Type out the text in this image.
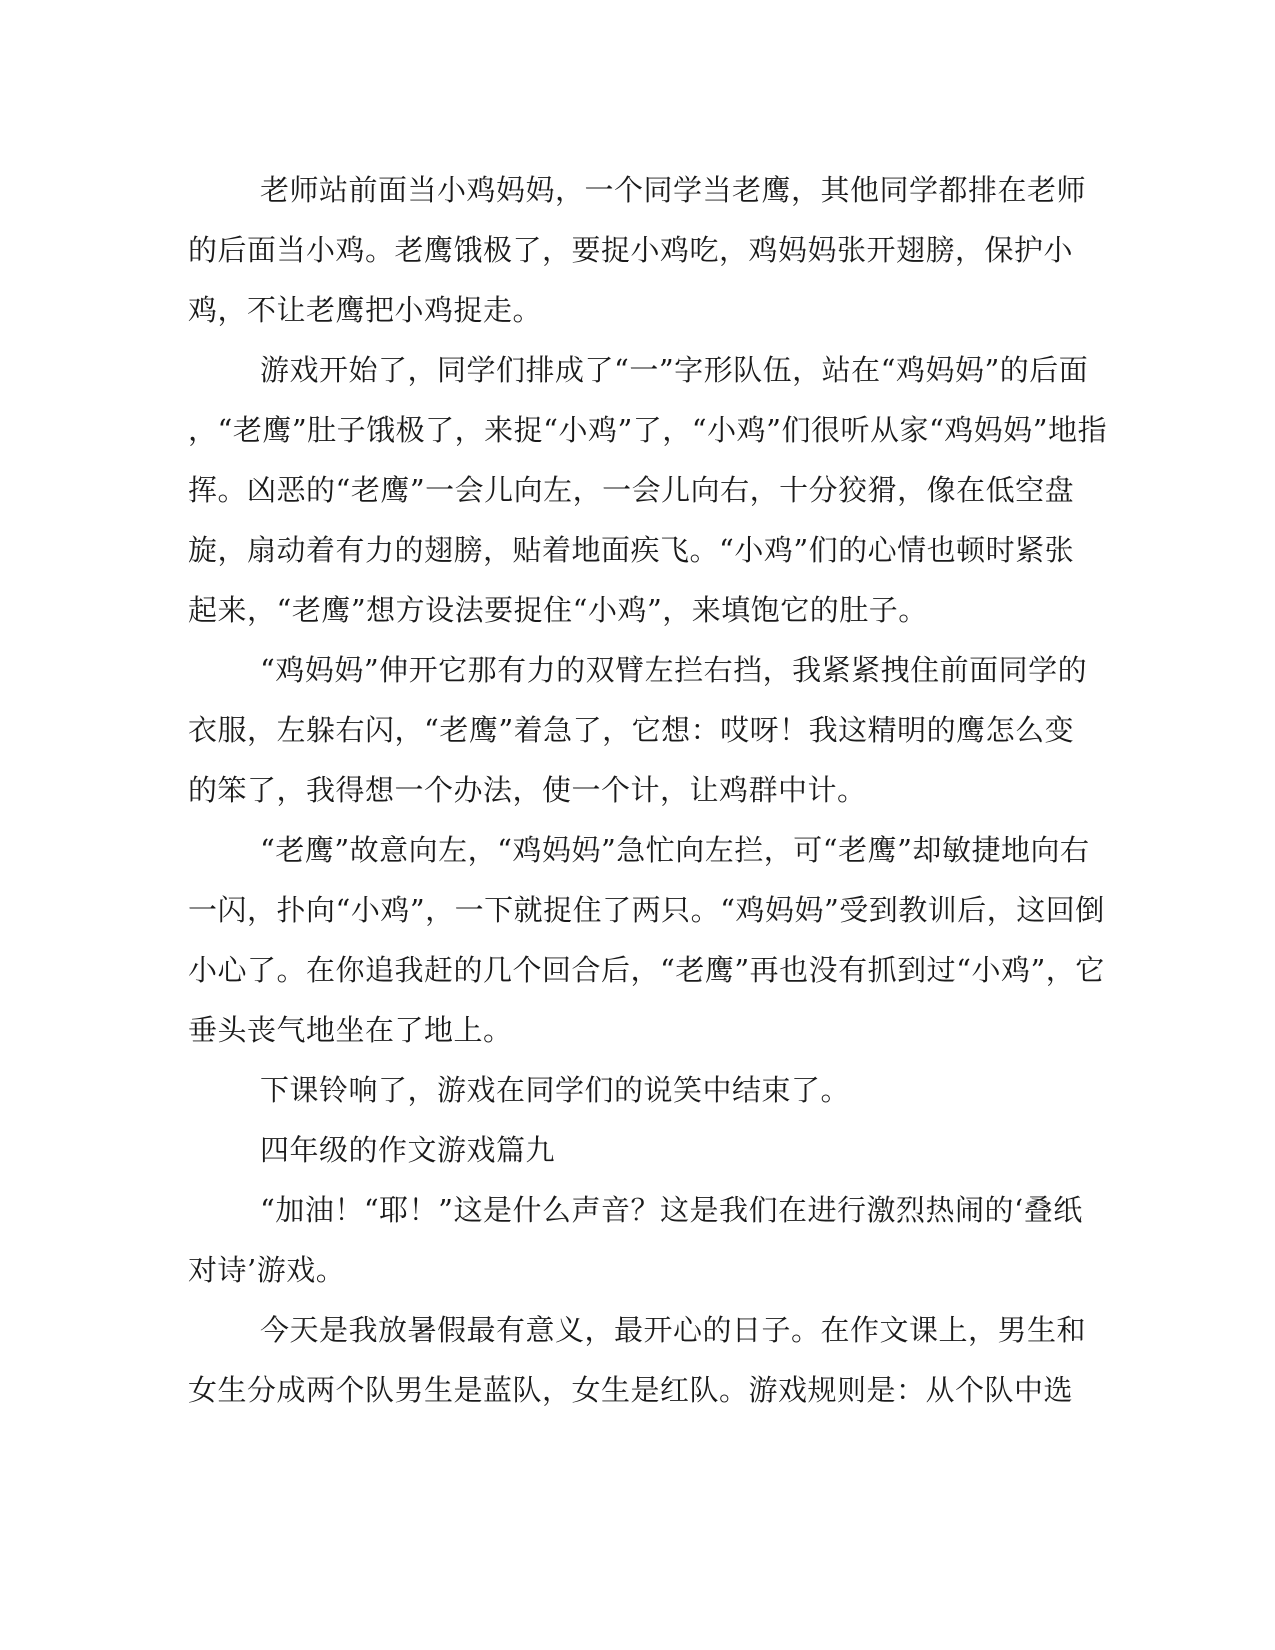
老师站前面当小鸡妈妈，一个同学当老鹰，其他同学都排在老师
的后面当小鸡。老鹰饿极了，要捉小鸡吃，鸡妈妈张开翅膀，保护小
鸡，不让老鹰把小鸡捉走。
游戏开始了，同学们排成了“一”字形队伍，站在“鸡妈妈”的后面
，“老鹰”肚子饿极了，来捉“小鸡”了，“小鸡”们很听从家“鸡妈妈”地指
挥。凶恶的“老鹰”一会儿向左，一会儿向右，十分狡猾，像在低空盘
旋，扇动着有力的翅膀，贴着地面疾飞。“小鸡”们的心情也顿时紧张
起来，“老鹰”想方设法要捉住“小鸡”，来填饱它的肚子。
“鸡妈妈”伸开它那有力的双臂左拦右挡，我紧紧拽住前面同学的
衣服，左躲右闪，“老鹰”着急了，它想：哎呀！我这精明的鹰怎么变
的笨了，我得想一个办法，使一个计，让鸡群中计。
“老鹰”故意向左，“鸡妈妈”急忙向左拦，可“老鹰”却敏捷地向右
一闪，扑向“小鸡”，一下就捉住了两只。“鸡妈妈”受到教训后，这回倒
小心了。在你追我赶的几个回合后，“老鹰”再也没有抓到过“小鸡”，它
垂头丧气地坐在了地上。
下课铃响了，游戏在同学们的说笑中结束了。
四年级的作文游戏篇九
“加油！“耶！”这是什么声音？这是我们在进行激烈热闹的‘叠纸
对诗’游戏。
今天是我放暑假最有意义，最开心的日子。在作文课上，男生和
女生分成两个队男生是蓝队，女生是红队。游戏规则是：从个队中选
